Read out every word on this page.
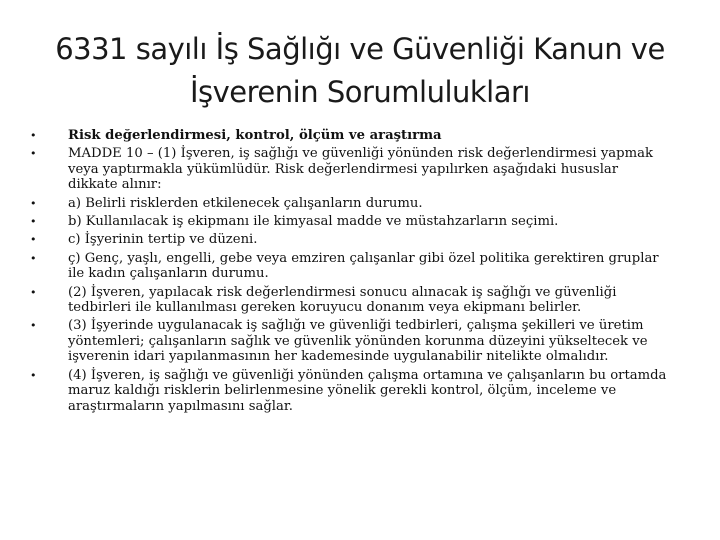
6331 sayılı İş Sağlığı ve Güvenliği Kanun ve
İşverenin Sorumlulukları
• Risk değerlendirmesi, kontrol, ölçüm ve araştırma
• MADDE 10 – (1) İşveren, iş sağlığı ve güvenliği yönünden risk değerlendirmesi yapmak veya yaptırmakla yükümlüdür. Risk değerlendirmesi yapılırken aşağıdaki hususlar dikkate alınır:
• a) Belirli risklerden etkilenecek çalışanların durumu.
• b) Kullanılacak iş ekipmanı ile kimyasal madde ve müstahzarların seçimi.
• c) İşyerinin tertip ve düzeni.
• ç) Genç, yaşlı, engelli, gebe veya emziren çalışanlar gibi özel politika gerektiren gruplar ile kadın çalışanların durumu.
• (2) İşveren, yapılacak risk değerlendirmesi sonucu alınacak iş sağlığı ve güvenliği tedbirleri ile kullanılması gereken koruyucu donanım veya ekipmanı belirler.
• (3) İşyerinde uygulanacak iş sağlığı ve güvenliği tedbirleri, çalışma şekilleri ve üretim yöntemleri; çalışanların sağlık ve güvenlik yönünden korunma düzeyini yükseltecek ve işverenin idari yapılanmasının her kademesinde uygulanabilir nitelikte olmalıdır.
• (4) İşveren, iş sağlığı ve güvenliği yönünden çalışma ortamına ve çalışanların bu ortamda maruz kaldığı risklerin belirlenmesine yönelik gerekli kontrol, ölçüm, inceleme ve araştırmaların yapılmasını sağlar.
